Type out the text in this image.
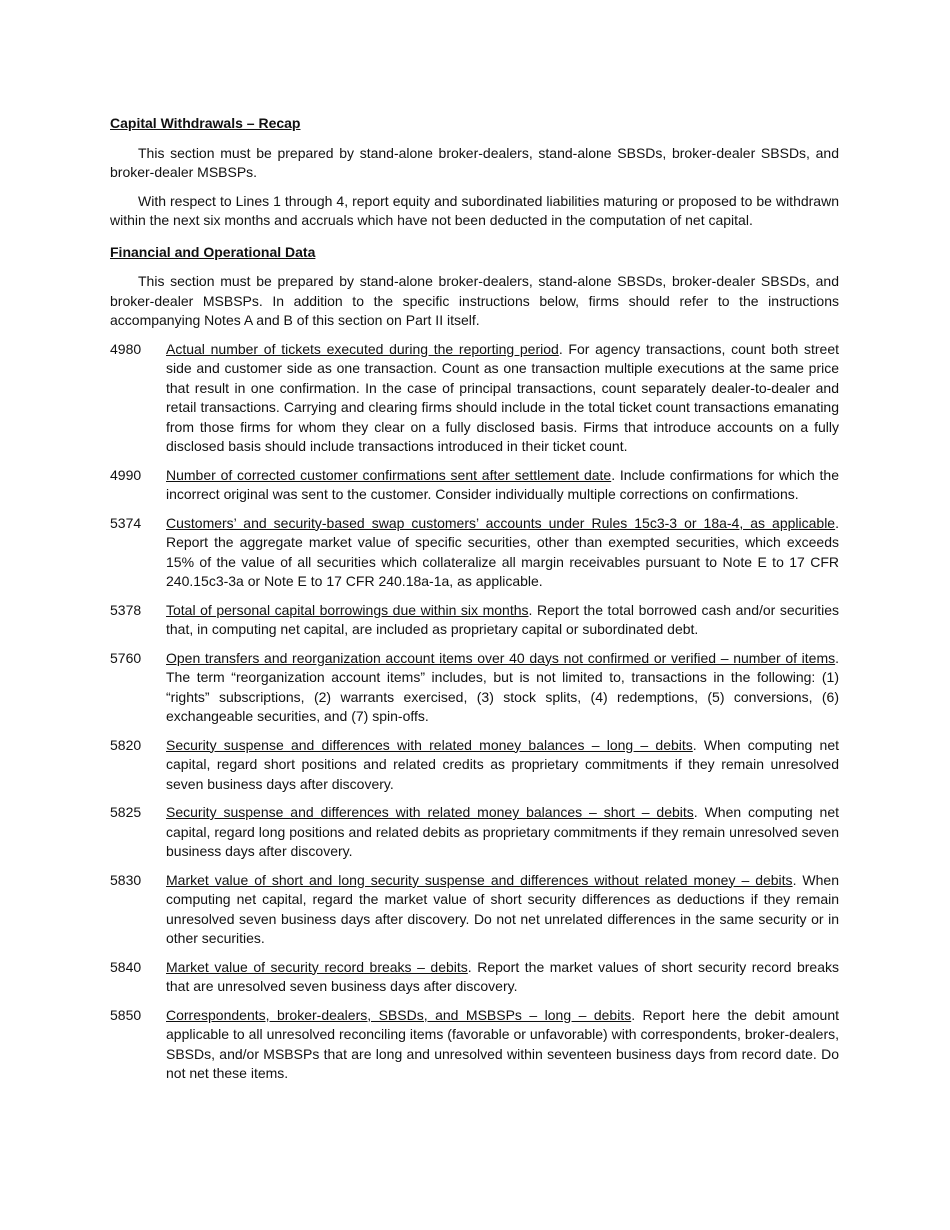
Capital Withdrawals – Recap

This section must be prepared by stand-alone broker-dealers, stand-alone SBSDs, broker-dealer SBSDs, and broker-dealer MSBSPs.

With respect to Lines 1 through 4, report equity and subordinated liabilities maturing or proposed to be withdrawn within the next six months and accruals which have not been deducted in the computation of net capital.

Financial and Operational Data

This section must be prepared by stand-alone broker-dealers, stand-alone SBSDs, broker-dealer SBSDs, and broker-dealer MSBSPs. In addition to the specific instructions below, firms should refer to the instructions accompanying Notes A and B of this section on Part II itself.

4980	Actual number of tickets executed during the reporting period. For agency transactions, count both street side and customer side as one transaction. Count as one transaction multiple executions at the same price that result in one confirmation. In the case of principal transactions, count separately dealer-to-dealer and retail transactions. Carrying and clearing firms should include in the total ticket count transactions emanating from those firms for whom they clear on a fully disclosed basis. Firms that introduce accounts on a fully disclosed basis should include transactions introduced in their ticket count.
4990	Number of corrected customer confirmations sent after settlement date. Include confirmations for which the incorrect original was sent to the customer. Consider individually multiple corrections on confirmations.
5374	Customers’ and security-based swap customers’ accounts under Rules 15c3-3 or 18a-4, as applicable. Report the aggregate market value of specific securities, other than exempted securities, which exceeds 15% of the value of all securities which collateralize all margin receivables pursuant to Note E to 17 CFR 240.15c3-3a or Note E to 17 CFR 240.18a-1a, as applicable.
5378	Total of personal capital borrowings due within six months. Report the total borrowed cash and/or securities that, in computing net capital, are included as proprietary capital or subordinated debt.
5760	Open transfers and reorganization account items over 40 days not confirmed or verified – number of items. The term “reorganization account items” includes, but is not limited to, transactions in the following: (1) “rights” subscriptions, (2) warrants exercised, (3) stock splits, (4) redemptions, (5) conversions, (6) exchangeable securities, and (7) spin-offs.
5820	Security suspense and differences with related money balances – long – debits. When computing net capital, regard short positions and related credits as proprietary commitments if they remain unresolved seven business days after discovery.
5825	Security suspense and differences with related money balances – short – debits. When computing net capital, regard long positions and related debits as proprietary commitments if they remain unresolved seven business days after discovery.
5830	Market value of short and long security suspense and differences without related money – debits. When computing net capital, regard the market value of short security differences as deductions if they remain unresolved seven business days after discovery. Do not net unrelated differences in the same security or in other securities.
5840	Market value of security record breaks – debits. Report the market values of short security record breaks that are unresolved seven business days after discovery.
5850	Correspondents, broker-dealers, SBSDs, and MSBSPs – long – debits. Report here the debit amount applicable to all unresolved reconciling items (favorable or unfavorable) with correspondents, broker-dealers, SBSDs, and/or MSBSPs that are long and unresolved within seventeen business days from record date. Do not net these items.
